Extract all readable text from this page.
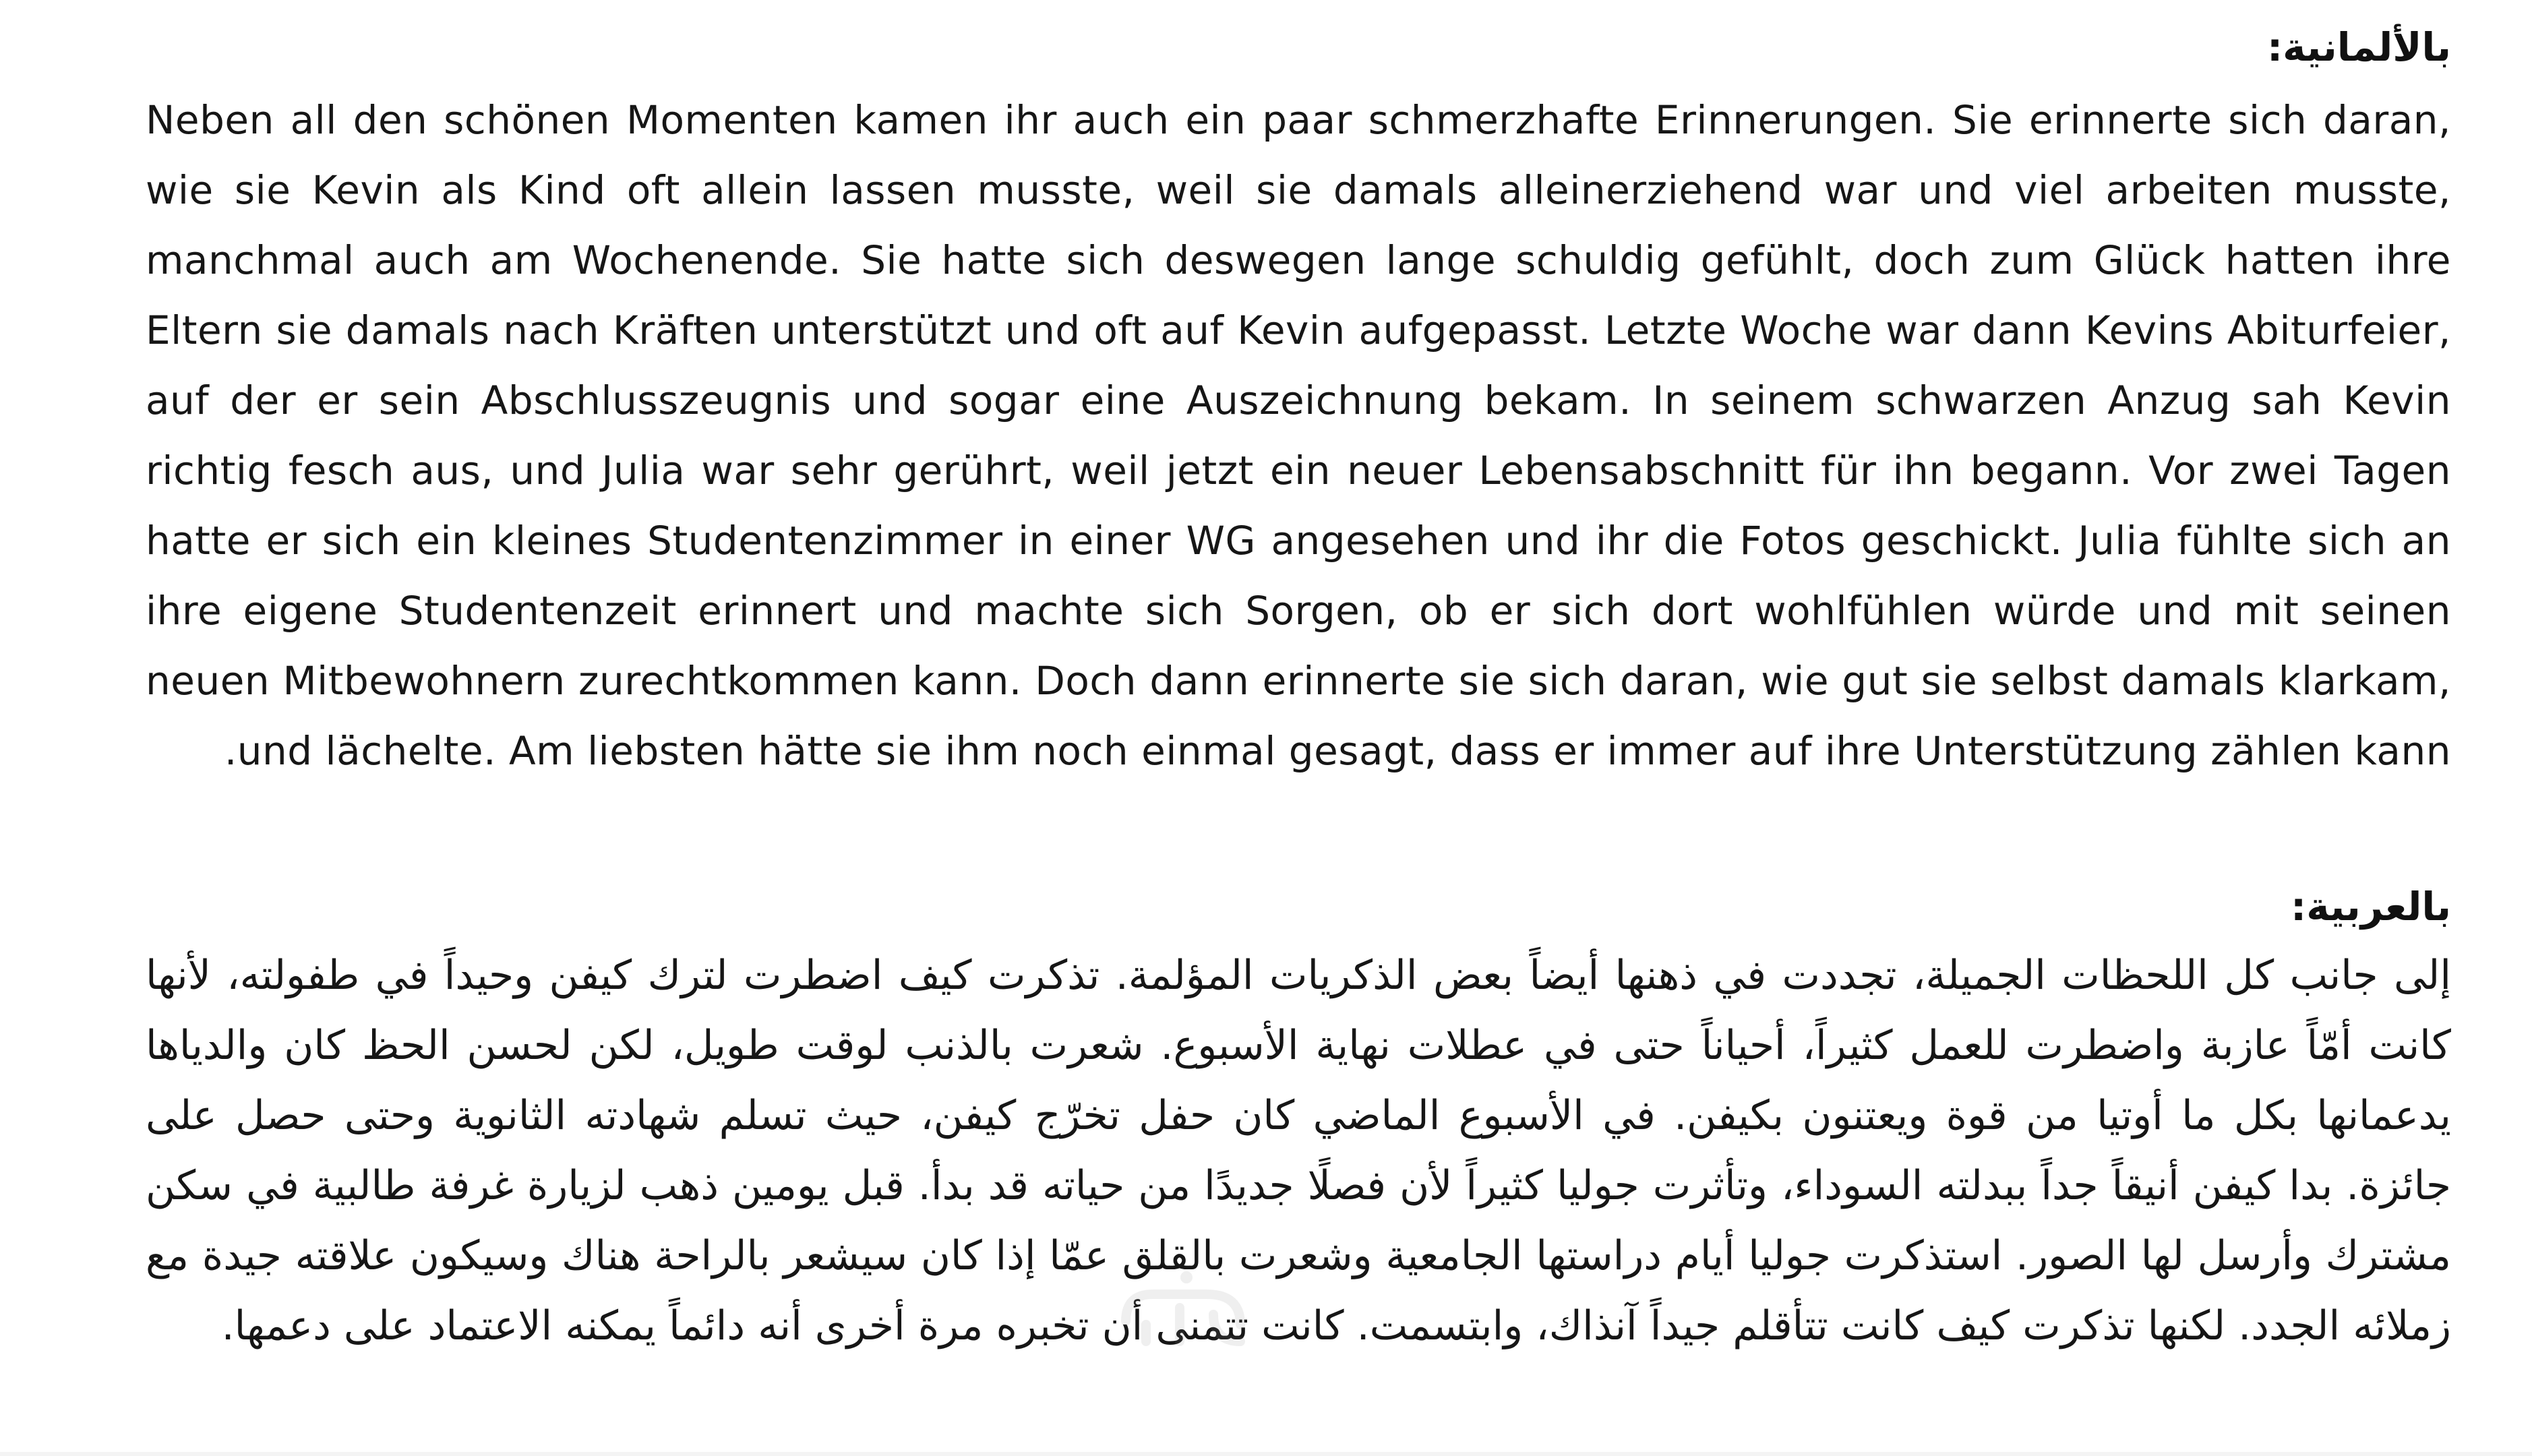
بالألمانية:
Neben all den schönen Momenten kamen ihr auch ein paar schmerzhafte Erinnerungen. Sie erinnerte sich daran, wie sie Kevin als Kind oft allein lassen musste, weil sie damals alleinerziehend war und viel arbeiten musste, manchmal auch am Wochenende. Sie hatte sich deswegen lange schuldig gefühlt, doch zum Glück hatten ihre Eltern sie damals nach Kräften unterstützt und oft auf Kevin aufgepasst. Letzte Woche war dann Kevins Abiturfeier, auf der er sein Abschlusszeugnis und sogar eine Auszeichnung bekam. In seinem schwarzen Anzug sah Kevin richtig fesch aus, und Julia war sehr gerührt, weil jetzt ein neuer Lebensabschnitt für ihn begann. Vor zwei Tagen hatte er sich ein kleines Studentenzimmer in einer WG angesehen und ihr die Fotos geschickt. Julia fühlte sich an ihre eigene Studentenzeit erinnert und machte sich Sorgen, ob er sich dort wohlfühlen würde und mit seinen neuen Mitbewohnern zurechtkommen kann. Doch dann erinnerte sie sich daran, wie gut sie selbst damals klarkam, und lächelte. Am liebsten hätte sie ihm noch einmal gesagt, dass er immer auf ihre Unterstützung zählen kann.
بالعربية:
إلى جانب كل اللحظات الجميلة، تجددت في ذهنها أيضاً بعض الذكريات المؤلمة. تذكرت كيف اضطرت لترك كيفن وحيداً في طفولته، لأنها كانت أمّاً عازبة واضطرت للعمل كثيراً، أحياناً حتى في عطلات نهاية الأسبوع. شعرت بالذنب لوقت طويل، لكن لحسن الحظ كان والدياها يدعمانها بكل ما أوتيا من قوة ويعتنون بكيفن. في الأسبوع الماضي كان حفل تخرّج كيفن، حيث تسلم شهادته الثانوية وحتى حصل على جائزة. بدا كيفن أنيقاً جداً ببدلته السوداء، وتأثرت جوليا كثيراً لأن فصلًا جديدًا من حياته قد بدأ. قبل يومين ذهب لزيارة غرفة طالبية في سكن مشترك وأرسل لها الصور. استذكرت جوليا أيام دراستها الجامعية وشعرت بالقلق عمّا إذا كان سيشعر بالراحة هناك وسيكون علاقته جيدة مع زملائه الجدد. لكنها تذكرت كيف كانت تتأقلم جيداً آنذاك، وابتسمت. كانت تتمنى أن تخبره مرة أخرى أنه دائماً يمكنه الاعتماد على دعمها.
